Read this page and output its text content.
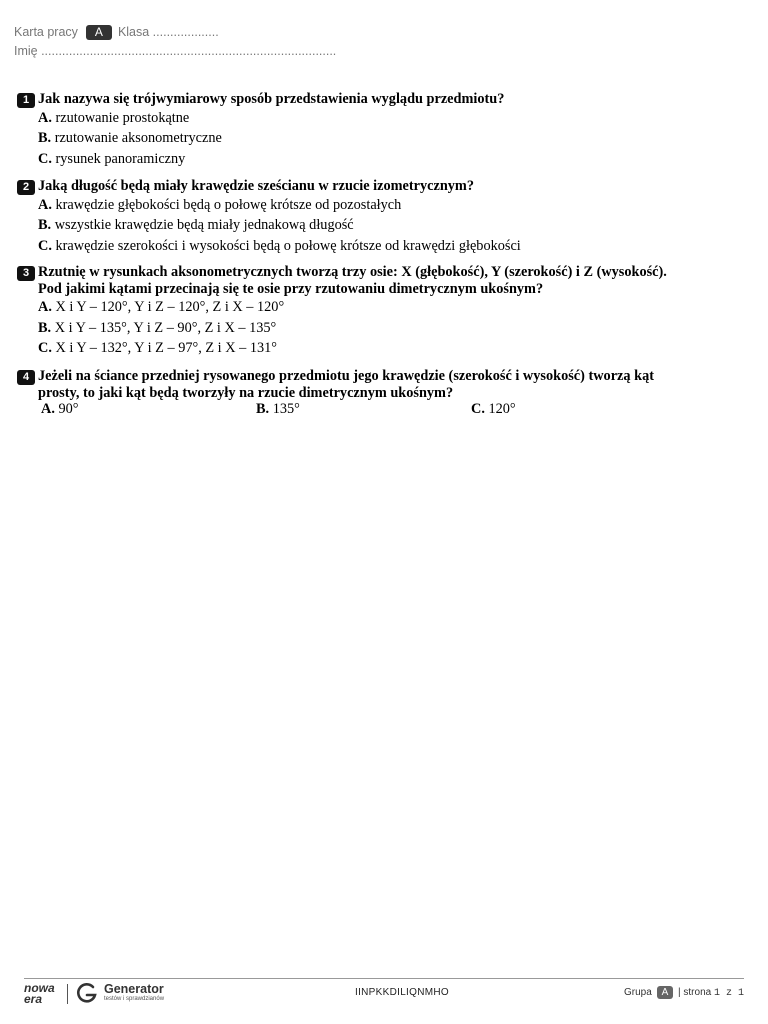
Karta pracy A Klasa ...................
Imię .....................................................................................
1 Jak nazywa się trójwymiarowy sposób przedstawienia wyglądu przedmiotu?
A. rzutowanie prostokątne
B. rzutowanie aksonometryczne
C. rysunek panoramiczny
2 Jaką długość będą miały krawędzie sześcianu w rzucie izometrycznym?
A. krawędzie głębokości będą o połowę krótsze od pozostałych
B. wszystkie krawędzie będą miały jednakową długość
C. krawędzie szerokości i wysokości będą o połowę krótsze od krawędzi głębokości
3 Rzutnię w rysunkach aksonometrycznych tworzą trzy osie: X (głębokość), Y (szerokość) i Z (wysokość).
Pod jakimi kątami przecinają się te osie przy rzutowaniu dimetrycznym ukośnym?
A. X i Y – 120°, Y i Z – 120°, Z i X – 120°
B. X i Y – 135°, Y i Z – 90°, Z i X – 135°
C. X i Y – 132°, Y i Z – 97°, Z i X – 131°
4 Jeżeli na ściance przedniej rysowanego przedmiotu jego krawędzie (szerokość i wysokość) tworzą kąt
prosty, to jaki kąt będą tworzyły na rzucie dimetrycznym ukośnym?
A. 90°	B. 135°	C. 120°
nowa
era
Generator
testów i sprawdzianów
IINPKKDILIQNMHO	Grupa A | strona 1 z 1
